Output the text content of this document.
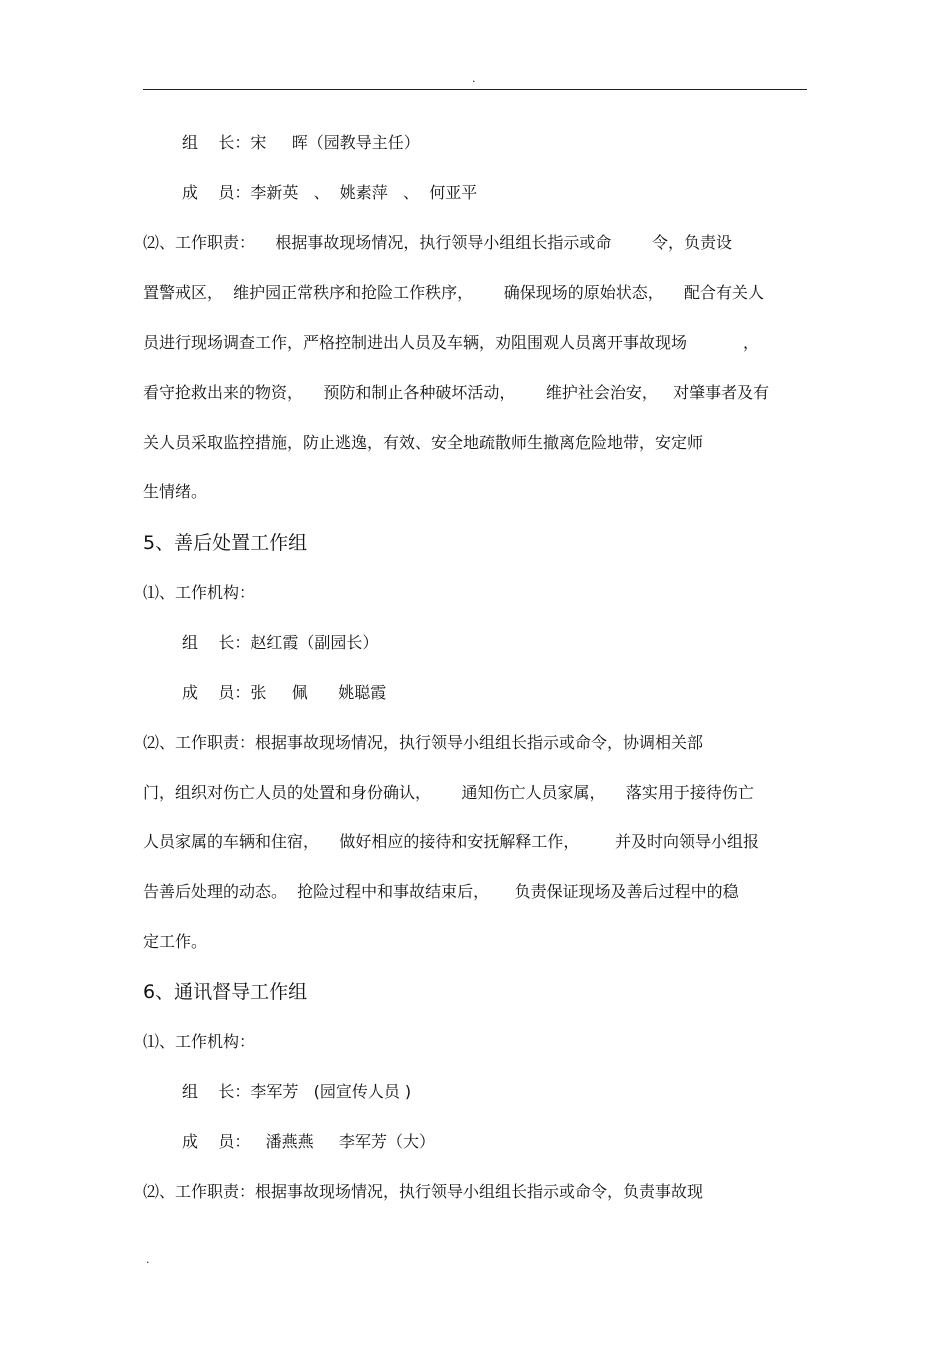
.
组    长：宋     晖（园教导主任）
成    员：李新英   、  姚素萍   、  何亚平
⑵、工作职责：    根据事故现场情况，执行领导小组组长指示或命        令，负责设
置警戒区，  维护园正常秩序和抢险工作秩序，      确保现场的原始状态，    配合有关人
员进行现场调查工作，严格控制进出人员及车辆，劝阻围观人员离开事故现场           ，
看守抢救出来的物资，    预防和制止各种破坏活动，      维护社会治安，   对肇事者及有
关人员采取监控措施，防止逃逸，有效、安全地疏散师生撤离危险地带，安定师
生情绪。
5、善后处置工作组
⑴、工作机构：
组    长：赵红霞（副园长）
成    员：张     佩      姚聪霞
⑵、工作职责：根据事故现场情况，执行领导小组组长指示或命令，协调相关部
门，组织对伤亡人员的处置和身份确认，      通知伤亡人员家属，    落实用于接待伤亡
人员家属的车辆和住宿，    做好相应的接待和安抚解释工作，       并及时向领导小组报
告善后处理的动态。  抢险过程中和事故结束后，     负责保证现场及善后过程中的稳
定工作。
6、通讯督导工作组
⑴、工作机构：
组    长：李军芳   (园宣传人员 )
成    员：   潘燕燕     李军芳（大）
⑵、工作职责：根据事故现场情况，执行领导小组组长指示或命令，负责事故现
.
